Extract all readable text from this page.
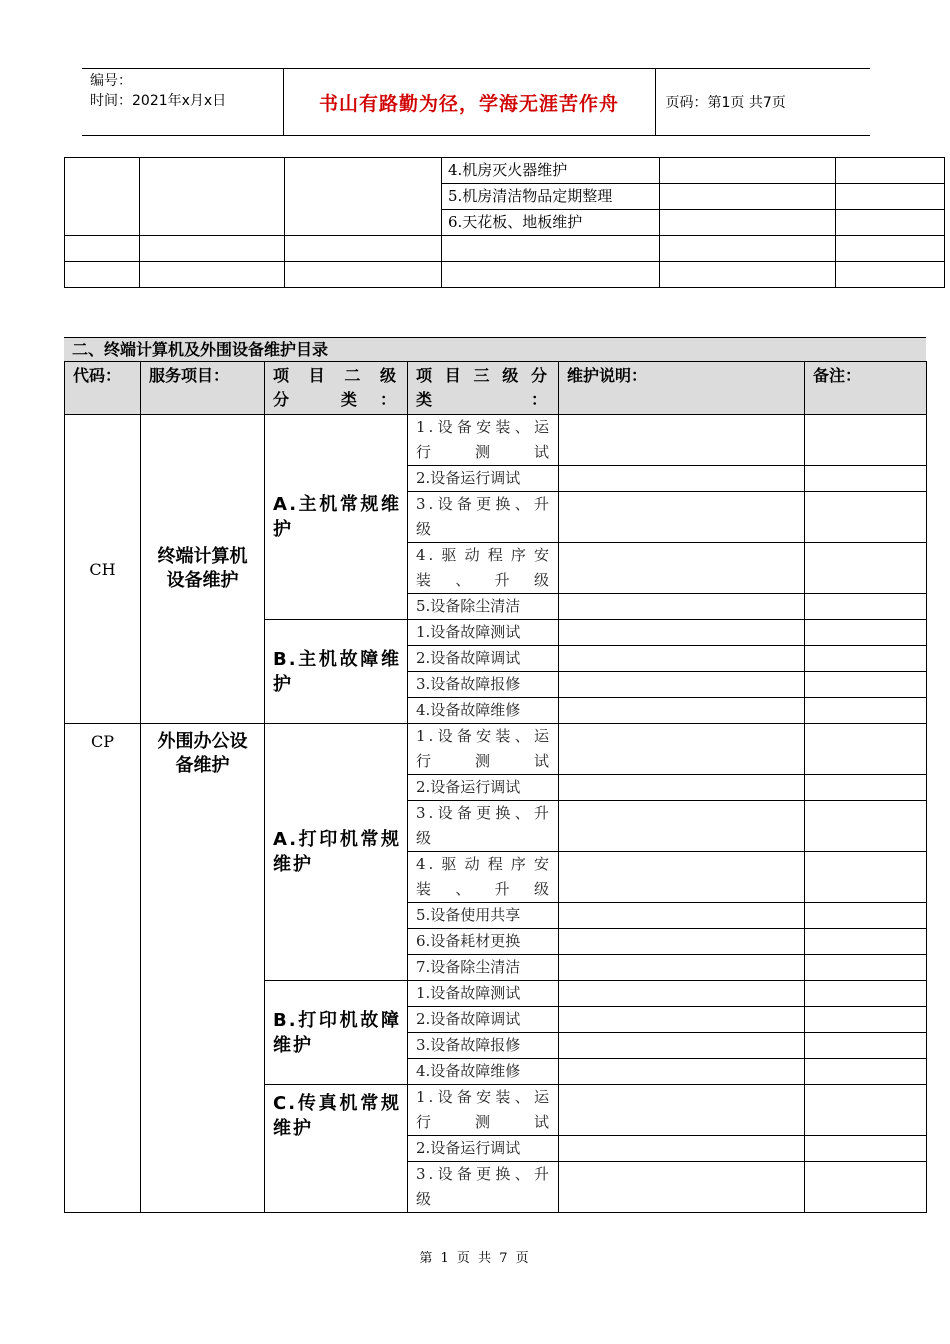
编号：
时间：2021年x月x日	书山有路勤为径，学海无涯苦作舟	页码：第1页 共7页
			4.机房灭火器维护		
			5.机房清洁物品定期整理		
			6.天花板、地板维护		

二、终端计算机及外围设备维护目录
代码：	服务项目：	项 目 二 级 分 类：	项 目 三 级 分 类：	维护说明：	备注：
CH	终端计算机设备维护	A.主机常规维护	1.设备安装、运行测试		
			2.设备运行调试		
			3.设备更换、升级		
			4.驱动程序安装、升级		
			5.设备除尘清洁		
		B.主机故障维护	1.设备故障测试		
			2.设备故障调试		
			3.设备故障报修		
			4.设备故障维修		
CP	外围办公设备维护	A.打印机常规维护	1.设备安装、运行测试		
			2.设备运行调试		
			3.设备更换、升级		
			4.驱动程序安装、升级		
			5.设备使用共享		
			6.设备耗材更换		
			7.设备除尘清洁		
		B.打印机故障维护	1.设备故障测试		
			2.设备故障调试		
			3.设备故障报修		
			4.设备故障维修		
		C.传真机常规维护	1.设备安装、运行测试		
			2.设备运行调试		
			3.设备更换、升级		
第 1 页 共 7 页
